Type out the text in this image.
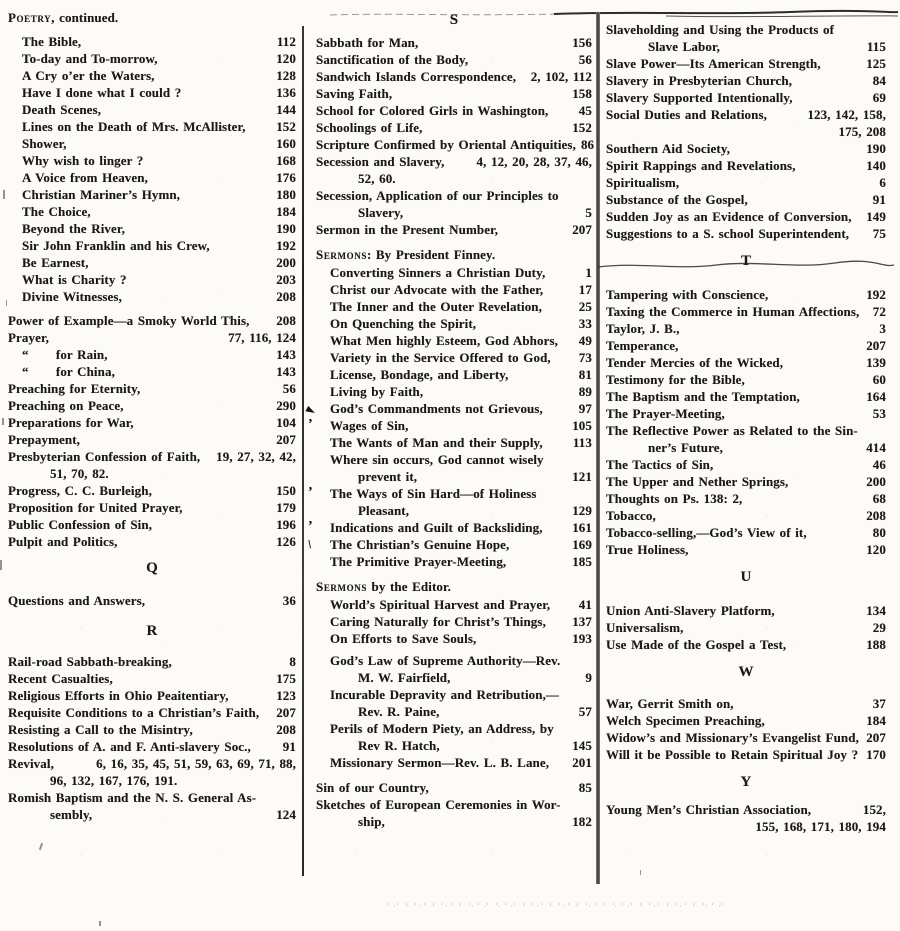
Poetry , continued.
The Bible,	112
To-day and To-morrow,	120
A Cry o’er the Waters,	128
Have I done what I could ?	136
Death Scenes,	144
Lines on the Death of Mrs. McAllister,	152
Shower,	160
Why wish to linger ?	168
A Voice from Heaven,	176
Christian Mariner’s Hymn,	180
The Choice,	184
Beyond the River,	190
Sir John Franklin and his Crew,	192
Be Earnest,	200
What is Charity ?	203
Divine Witnesses,	208
Power of Example—a Smoky World This,	208
Prayer,	77, 116, 124
“      for Rain,	143
“      for China,	143
Preaching for Eternity,	56
Preaching on Peace,	290
Preparations for War,	104
Prepayment,	207
Presbyterian Confession of Faith,	19, 27, 32, 42,
51, 70, 82.
Progress, C. C. Burleigh,	150
Proposition for United Prayer,	179
Public Confession of Sin,	196
Pulpit and Politics,	126
Q
Questions and Answers,	36
R
Rail-road Sabbath-breaking,	8
Recent Casualties,	175
Religious Efforts in Ohio Peaitentiary,	123
Requisite Conditions to a Christian’s Faith,	207
Resisting a Call to the Misintry,	208
Resolutions of A. and F. Anti-slavery Soc.,	91
Revival,	6, 16, 35, 45, 51, 59, 63, 69, 71, 88,
96, 132, 167, 176, 191.
Romish Baptism and the N. S. General As-
sembly,	124
S
Sabbath for Man,	156
Sanctification of the Body,	56
Sandwich Islands Correspondence,	2, 102, 112
Saving Faith,	158
School for Colored Girls in Washington,	45
Schoolings of Life,	152
Scripture Confirmed by Oriental Antiquities, 86
Secession and Slavery,	4, 12, 20, 28, 37, 46,
52, 60.
Secession, Application of our Principles to
Slavery,	5
Sermon in the Present Number,	207
Sermons : By President Finney.
Converting Sinners a Christian Duty,	1
Christ our Advocate with the Father,	17
The Inner and the Outer Revelation,	25
On Quenching the Spirit,	33
What Men highly Esteem, God Abhors,	49
Variety in the Service Offered to God,	73
License, Bondage, and Liberty,	81
Living by Faith,	89
▸ God’s Commandments not Grievous,	97
’ Wages of Sin,	105
The Wants of Man and their Supply,	113
Where sin occurs, God cannot wisely
prevent it,	121
’ The Ways of Sin Hard—of Holiness
Pleasant,	129
’ Indications and Guilt of Backsliding,	161
\ The Christian’s Genuine Hope,	169
The Primitive Prayer-Meeting,	185
Sermons by the Editor.
World’s Spiritual Harvest and Prayer,	41
Caring Naturally for Christ’s Things,	137
On Efforts to Save Souls,	193
God’s Law of Supreme Authority—Rev.
M. W. Fairfield,	9
Incurable Depravity and Retribution,—
Rev. R. Paine,	57
Perils of Modern Piety, an Address, by
Rev R. Hatch,	145
Missionary Sermon—Rev. L. B. Lane,	201
Sin of our Country,	85
Sketches of European Ceremonies in Wor-
ship,	182
Slaveholding and Using the Products of
Slave Labor,	115
Slave Power—Its American Strength,	125
Slavery in Presbyterian Church,	84
Slavery Supported Intentionally,	69
Social Duties and Relations,	123, 142, 158,
175, 208
Southern Aid Society,	190
Spirit Rappings and Revelations,	140
Spiritualism,	6
Substance of the Gospel,	91
Sudden Joy as an Evidence of Conversion,	149
Suggestions to a S. school Superintendent,	75
T
Tampering with Conscience,	192
Taxing the Commerce in Human Affections,	72
Taylor, J. B.,	3
Temperance,	207
Tender Mercies of the Wicked,	139
Testimony for the Bible,	60
The Baptism and the Temptation,	164
The Prayer-Meeting,	53
The Reflective Power as Related to the Sin-
ner’s Future,	414
The Tactics of Sin,	46
The Upper and Nether Springs,	200
Thoughts on Ps. 138: 2,	68
Tobacco,	208
Tobacco-selling,—God’s View of it,	80
True Holiness,	120
U
Union Anti-Slavery Platform,	134
Universalism,	29
Use Made of the Gospel a Test,	188
W
War, Gerrit Smith on,	37
Welch Specimen Preaching,	184
Widow’s and Missionary’s Evangelist Fund, 207
Will it be Possible to Retain Spiritual Joy ? 170
Y
Young Men’s Christian Association,	152,
155, 168, 171, 180, 194
